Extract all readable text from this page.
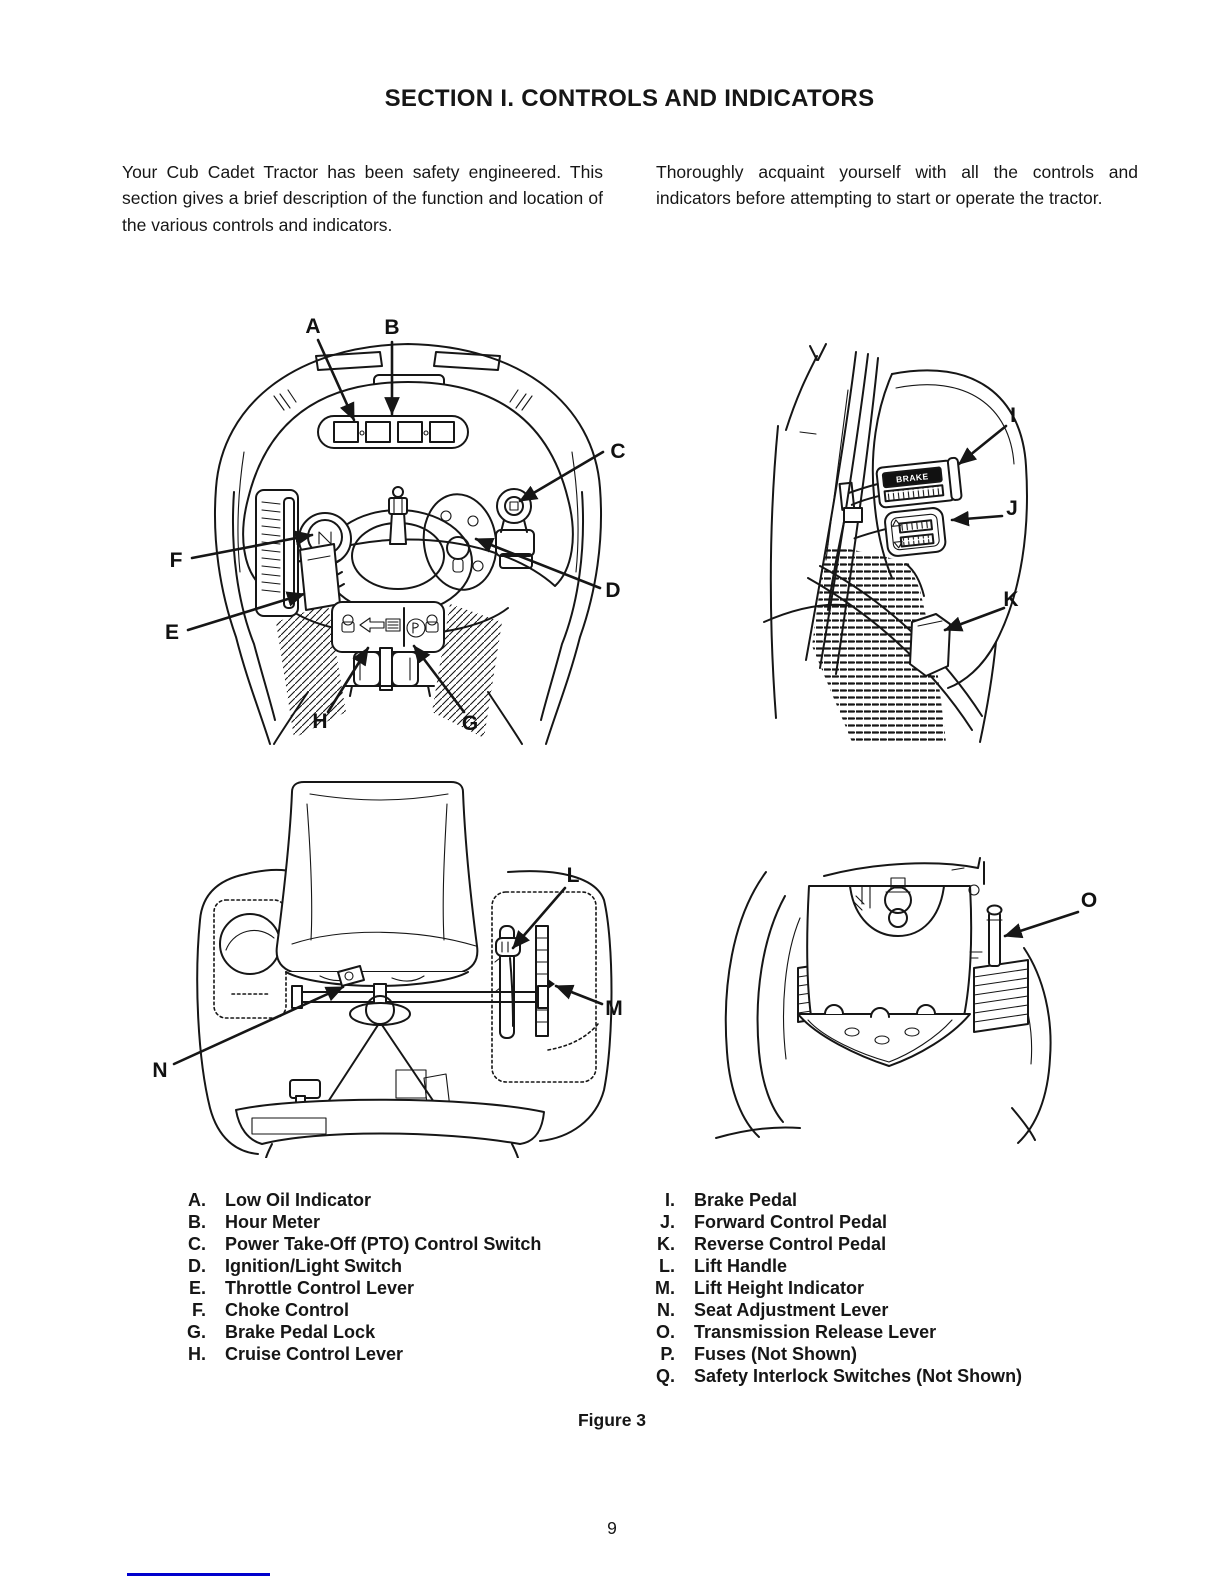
SECTION I. CONTROLS AND INDICATORS
Your Cub Cadet Tractor has been safety engineered. This section gives a brief description of the function and location of the various controls and indicators.
Thoroughly acquaint yourself with all the controls and indicators before attempting to start or operate the tractor.
A	B
C
D
E
F
G
H
BRAKE
I
J
K
L
M
N
O
A. Low Oil Indicator
B. Hour Meter
C. Power Take-Off (PTO) Control Switch
D. Ignition/Light Switch
E. Throttle Control Lever
F. Choke Control
G. Brake Pedal Lock
H. Cruise Control Lever
I. Brake Pedal
J. Forward Control Pedal
K. Reverse Control Pedal
L. Lift Handle
M. Lift Height Indicator
N. Seat Adjustment Lever
O. Transmission Release Lever
P. Fuses (Not Shown)
Q. Safety Interlock Switches (Not Shown)
Figure 3
9
